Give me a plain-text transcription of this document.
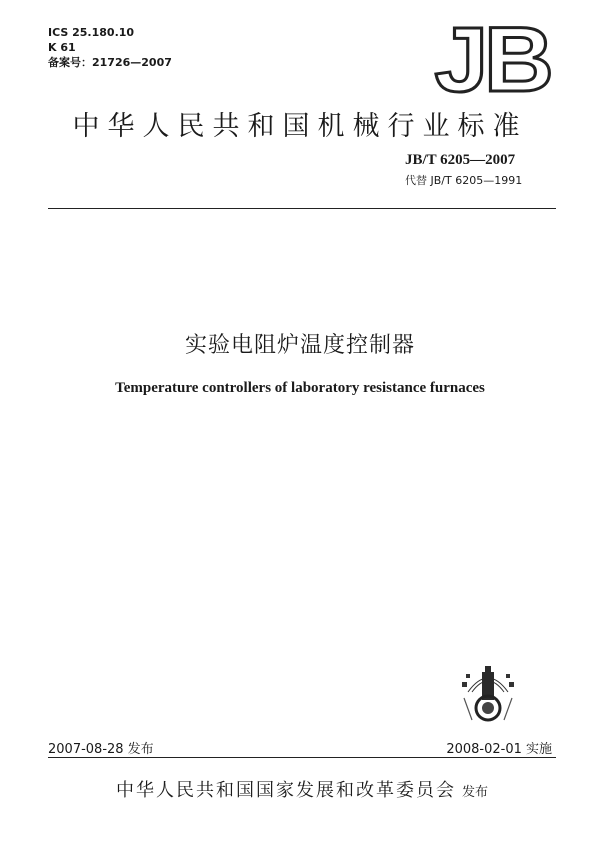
ICS 25.180.10
K 61
备案号：21726—2007	JB
中华人民共和国机械行业标准
JB/T 6205—2007
代替 JB/T 6205—1991
实验电阻炉温度控制器
Temperature controllers of laboratory resistance furnaces
2007-08-28 发布	2008-02-01 实施
中华人民共和国国家发展和改革委员会 发布
